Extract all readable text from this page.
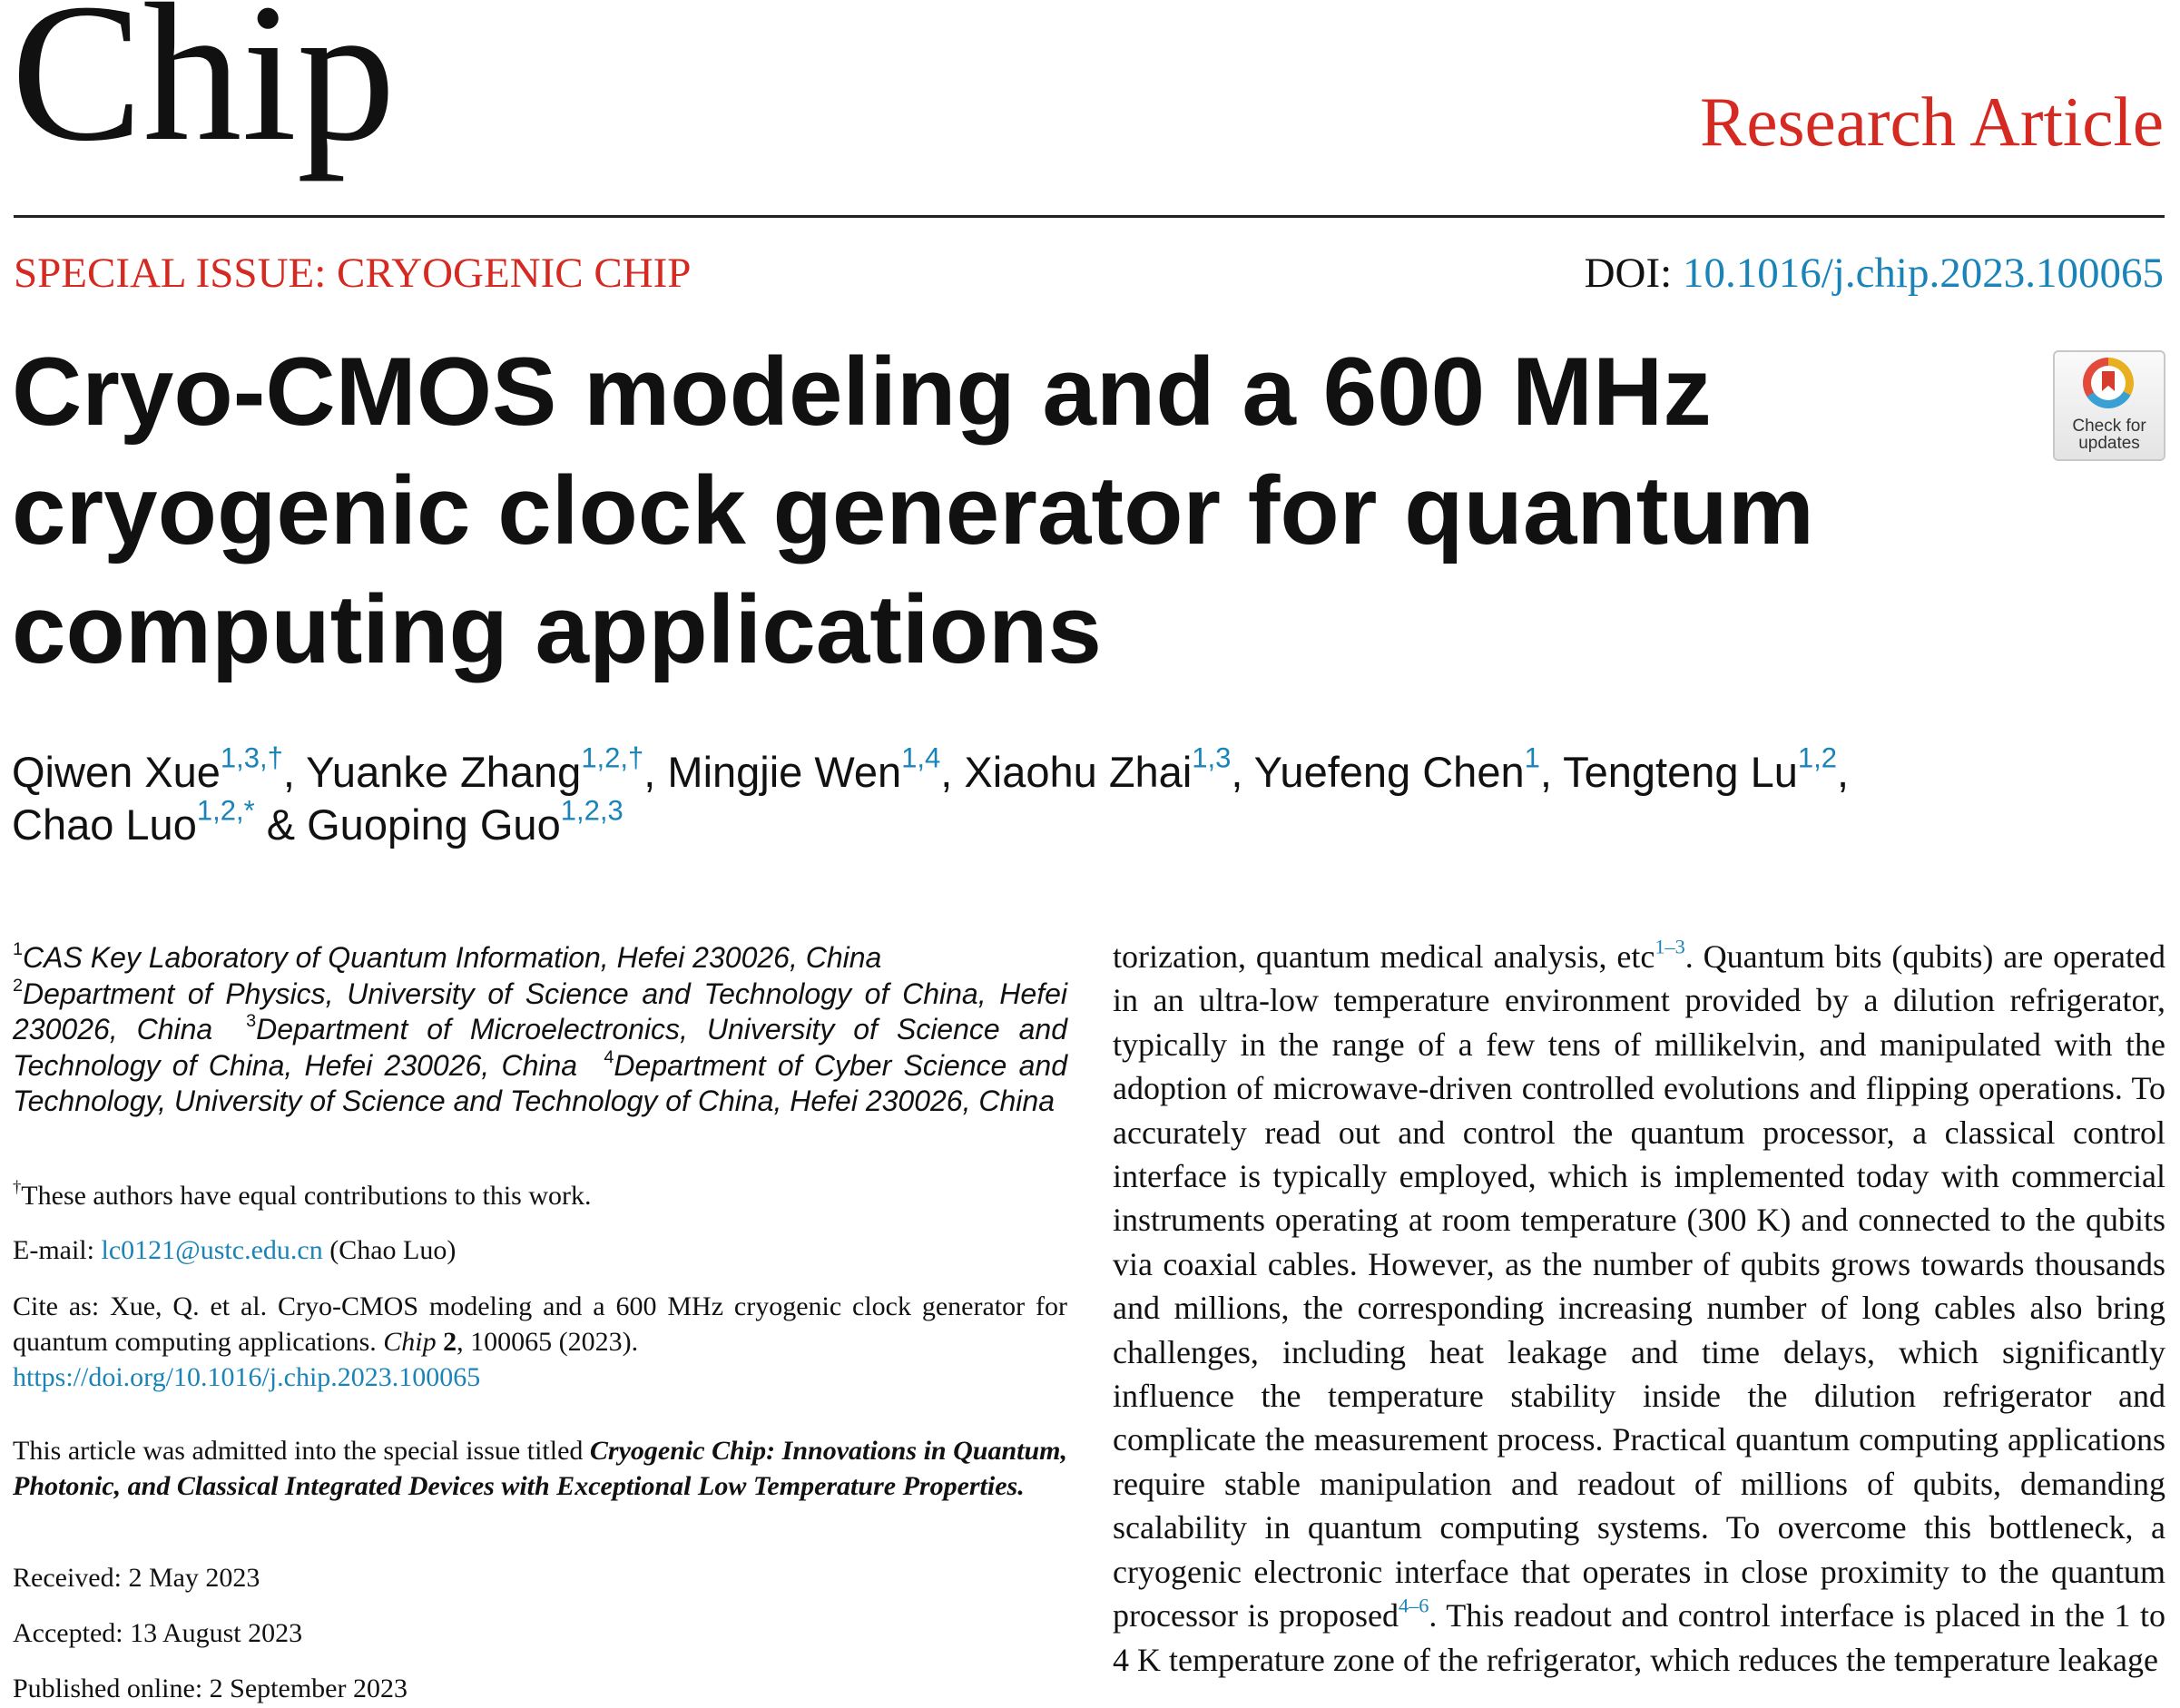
Chip	Research Article
SPECIAL ISSUE: CRYOGENIC CHIP	DOI: 10.1016/j.chip.2023.100065
Cryo-CMOS modeling and a 600 MHz cryogenic clock generator for quantum computing applications
Check for
updates
Qiwen Xue$^{1,3,\dagger}$, Yuanke Zhang$^{1,2,\dagger}$, Mingjie Wen$^{1,4}$, Xiaohu Zhai$^{1,3}$, Yuefeng Chen$^1$, Tengteng Lu$^{1,2}$,
Chao Luo$^{1,2,*}$ & Guoping Guo$^{1,2,3}$
$^1$CAS Key Laboratory of Quantum Information, Hefei 230026, China
$^2$Department of Physics, University of Science and Technology of China, Hefei 230026, China   $^3$Department of Microelectronics, University of Science and Technology of China, Hefei 230026, China   $^4$Department of Cyber Science and Technology, University of Science and Technology of China, Hefei 230026, China
†These authors have equal contributions to this work.
E-mail: lc0121@ustc.edu.cn (Chao Luo)
Cite as: Xue, Q. et al. Cryo-CMOS modeling and a 600 MHz cryogenic clock generator for quantum computing applications. Chip 2, 100065 (2023).
https://doi.org/10.1016/j.chip.2023.100065
This article was admitted into the special issue titled Cryogenic Chip: Innovations in Quantum, Photonic, and Classical Integrated Devices with Exceptional Low Temperature Properties.
Received: 2 May 2023
Accepted: 13 August 2023
Published online: 2 September 2023
torization, quantum medical analysis, etc$^{1-3}$. Quantum bits (qubits) are operated in an ultra-low temperature environment provided by a dilution refrigerator, typically in the range of a few tens of millikelvin, and manipulated with the adoption of microwave-driven controlled evolutions and flipping operations. To accurately read out and control the quantum processor, a classical control interface is typically employed, which is implemented today with commercial instruments operating at room temperature (300 K) and connected to the qubits via coaxial cables. However, as the number of qubits grows towards thousands and millions, the corresponding increasing number of long cables also bring challenges, including heat leakage and time delays, which significantly influence the temperature stability inside the dilution refrigerator and complicate the measurement process. Practical quantum computing applications require stable manipulation and readout of millions of qubits, demanding scalability in quantum computing systems. To overcome this bottleneck, a cryogenic electronic interface that operates in close proximity to the quantum processor is proposed$^{4-6}$. This readout and control interface is placed in the 1 to 4 K temperature zone of the refrigerator, which reduces the temperature leakage
